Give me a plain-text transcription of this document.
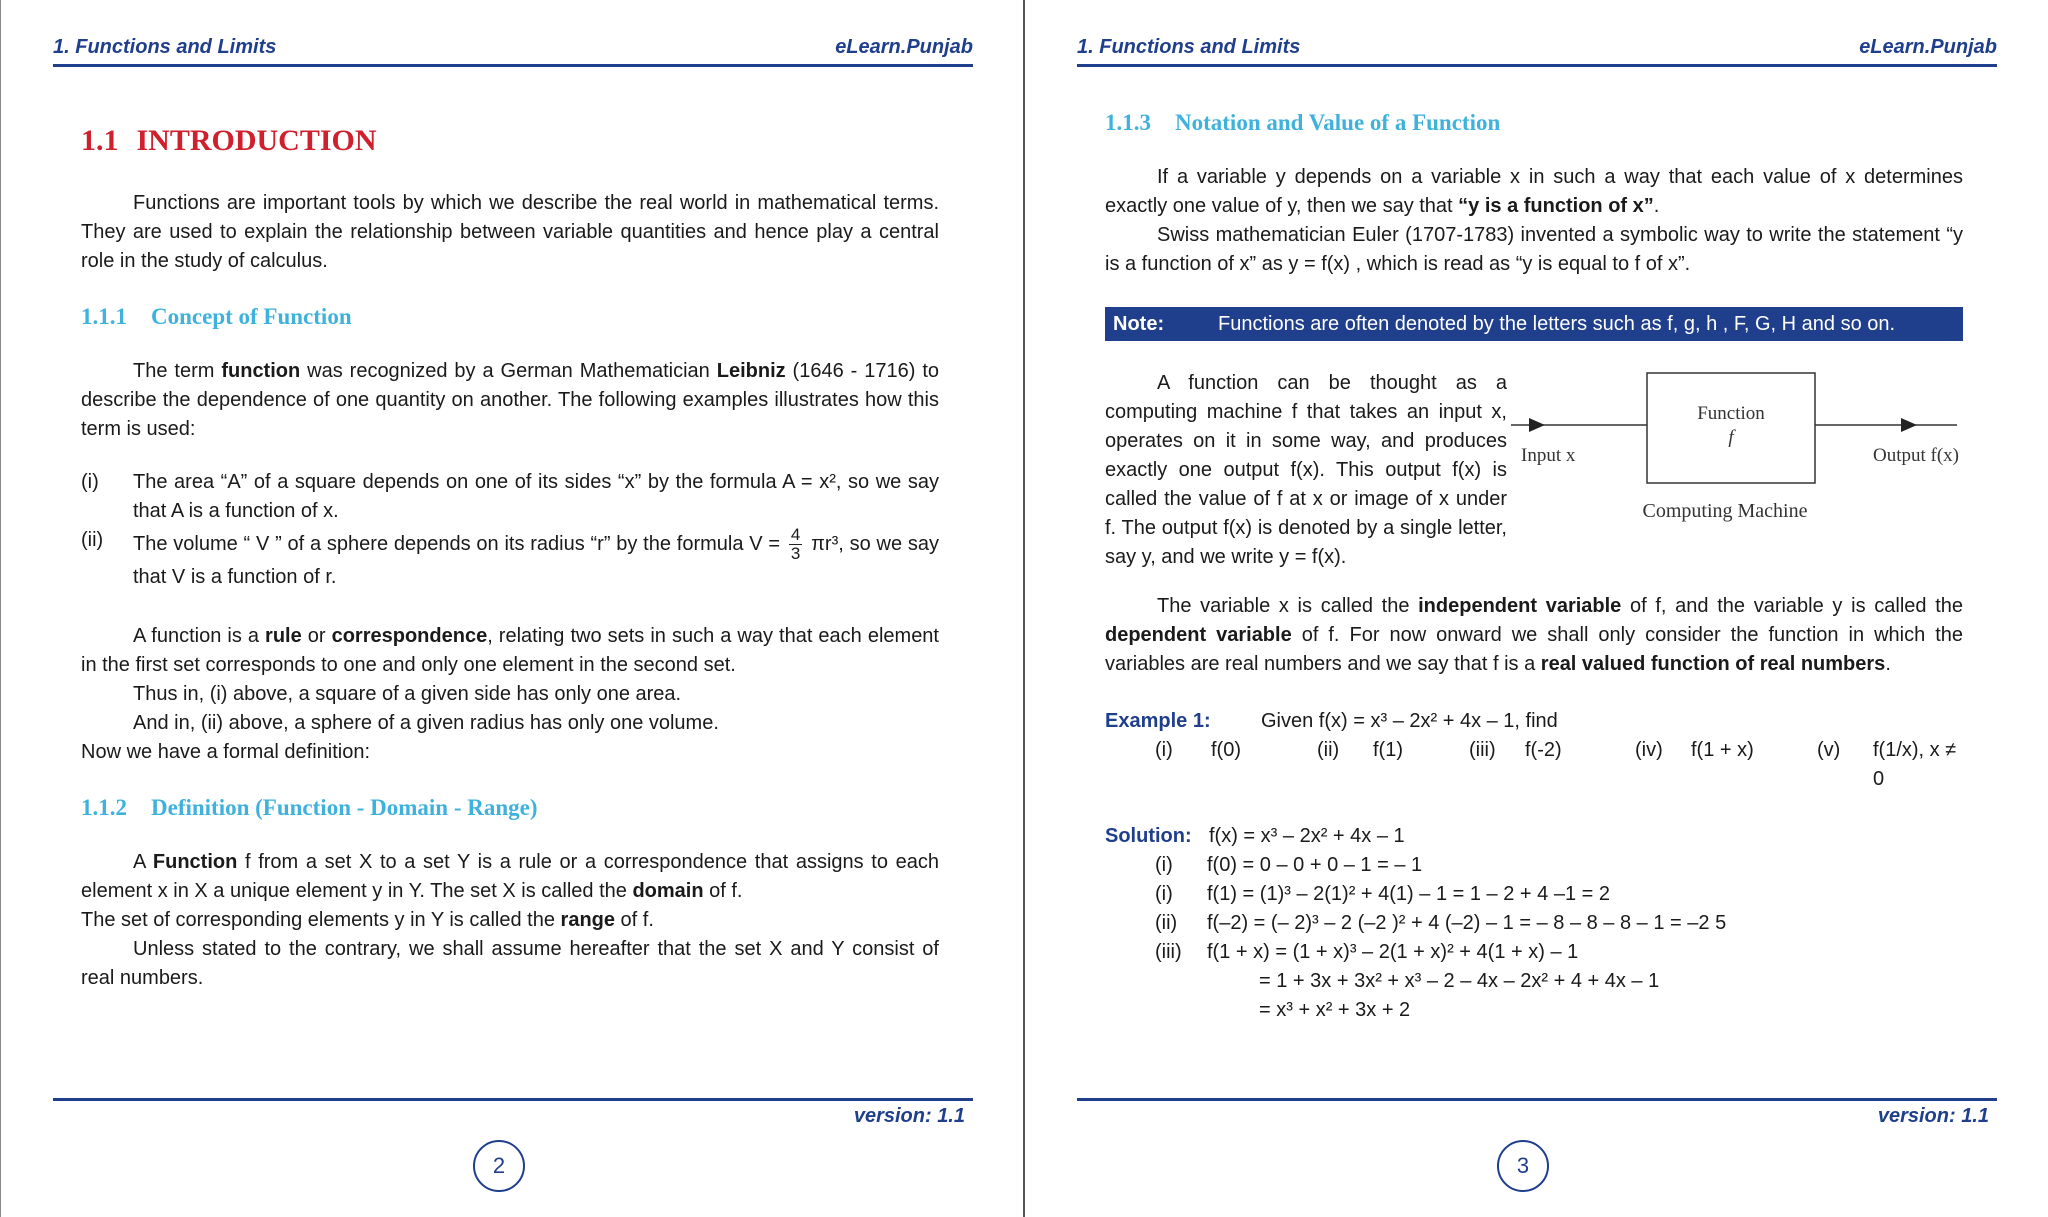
1. Functions and Limits	eLearn.Punjab
1.1 INTRODUCTION

Functions are important tools by which we describe the real world in mathematical terms. They are used to explain the relationship between variable quantities and hence play a central role in the study of calculus.

1.1.1 Concept of Function

The term function was recognized by a German Mathematician Leibniz (1646 - 1716) to describe the dependence of one quantity on another. The following examples illustrates how this term is used:

(i)	The area “A” of a square depends on one of its sides “x” by the formula A = x², so we say that A is a function of x.
(ii)	The volume “ V ” of a sphere depends on its radius “r” by the formula $V = \frac{4}{3} \pi r^3$, so we say that V is a function of r.

A function is a rule or correspondence, relating two sets in such a way that each element in the first set corresponds to one and only one element in the second set.

Thus in, (i) above, a square of a given side has only one area.

And in, (ii) above, a sphere of a given radius has only one volume.

Now we have a formal definition:

1.1.2 Definition (Function - Domain - Range)

A Function f from a set X to a set Y is a rule or a correspondence that assigns to each element x in X a unique element y in Y. The set X is called the domain of f.

The set of corresponding elements y in Y is called the range of f.

Unless stated to the contrary, we shall assume hereafter that the set X and Y consist of real numbers.

version: 1.1
2
1. Functions and Limits	eLearn.Punjab
1.1.3 Notation and Value of a Function

If a variable y depends on a variable x in such a way that each value of x determines exactly one value of y, then we say that “y is a function of x”.

Swiss mathematician Euler (1707-1783) invented a symbolic way to write the statement “y is a function of x” as y = f(x) , which is read as “y is equal to f of x”.

Note:	Functions are often denoted by the letters such as f, g, h , F, G, H and so on.

A function can be thought as a computing machine f that takes an input x, operates on it in some way, and produces exactly one output f(x). This output f(x) is called the value of f at x or image of x under f. The output f(x) is denoted by a single letter, say y, and we write y = f(x).

Function
f
Input x	Output f(x)
Computing Machine

The variable x is called the independent variable of f, and the variable y is called the dependent variable of f. For now onward we shall only consider the function in which the variables are real numbers and we say that f is a real valued function of real numbers.

Example 1:	Given f(x) = x³ – 2x² + 4x – 1, find
(i)	f(0)	(ii)	f(1)	(iii)	f(-2)	(iv)	f(1 + x)	(v)	f(1/x), x ≠ 0
Solution: f(x) = x³ – 2x² + 4x – 1
(i)	f(0) = 0 – 0 + 0 – 1 = – 1
(i)	f(1) = (1)³ – 2(1)² + 4(1) – 1 = 1 – 2 + 4 –1 = 2
(ii)	f(–2) = (– 2)³ – 2 (–2 )² + 4 (–2) – 1 = – 8 – 8 – 8 – 1 = –2 5
(iii)	f(1 + x) = (1 + x)³ – 2(1 + x)² + 4(1 + x) – 1
= 1 + 3x + 3x² + x³ – 2 – 4x – 2x² + 4 + 4x – 1
= x³ + x² + 3x + 2
version: 1.1
3
